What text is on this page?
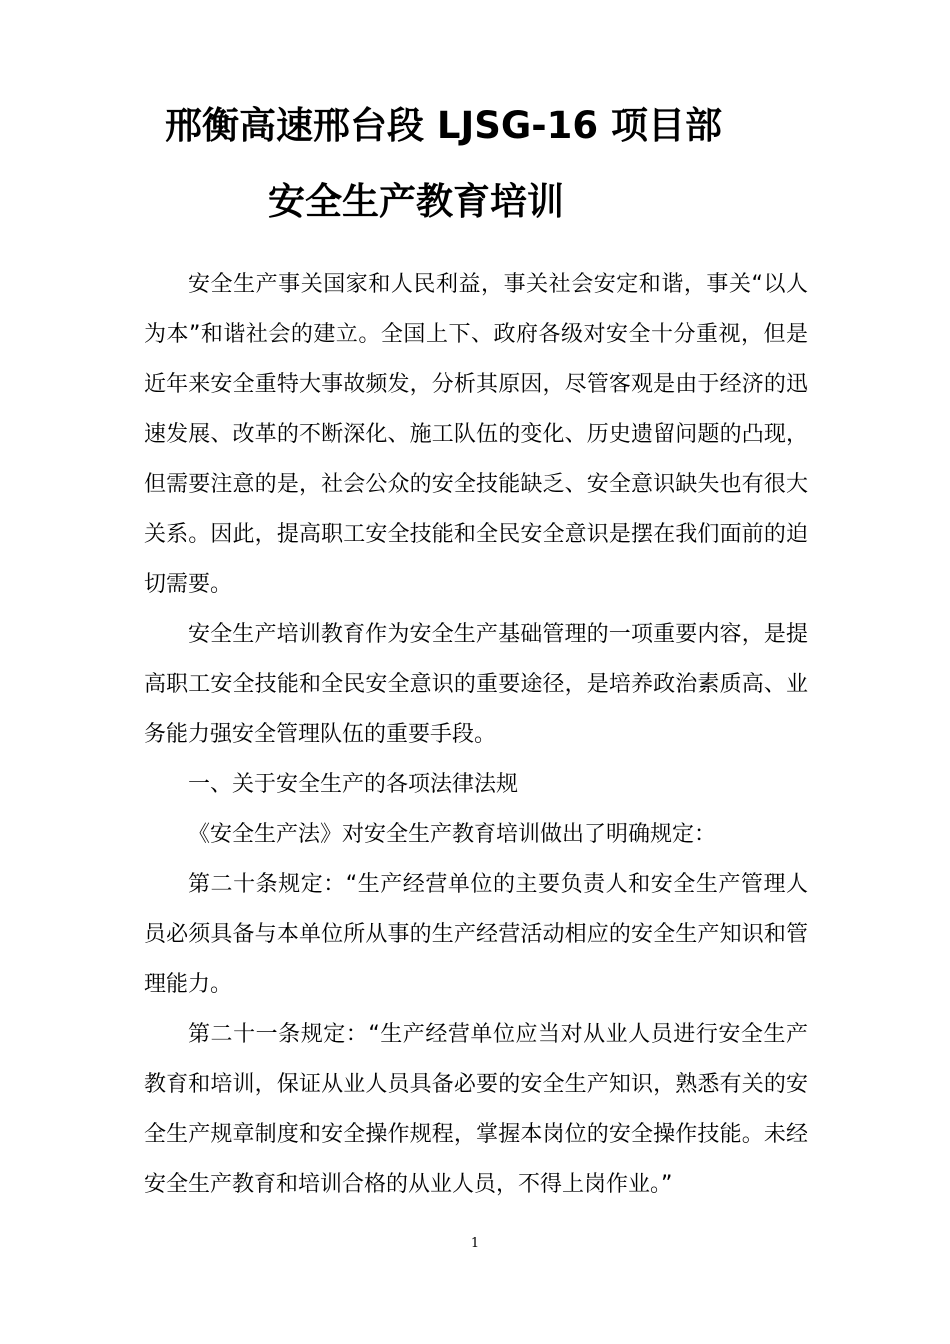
邢衡高速邢台段 LJSG-16 项目部
安全生产教育培训

安全生产事关国家和人民利益，事关社会安定和谐，事关“以人为本”和谐社会的建立。全国上下、政府各级对安全十分重视，但是近年来安全重特大事故频发，分析其原因，尽管客观是由于经济的迅速发展、改革的不断深化、施工队伍的变化、历史遗留问题的凸现，但需要注意的是，社会公众的安全技能缺乏、安全意识缺失也有很大关系。因此，提高职工安全技能和全民安全意识是摆在我们面前的迫切需要。

安全生产培训教育作为安全生产基础管理的一项重要内容，是提高职工安全技能和全民安全意识的重要途径，是培养政治素质高、业务能力强安全管理队伍的重要手段。

一、关于安全生产的各项法律法规

《安全生产法》对安全生产教育培训做出了明确规定：

第二十条规定：“生产经营单位的主要负责人和安全生产管理人员必须具备与本单位所从事的生产经营活动相应的安全生产知识和管理能力。

第二十一条规定：“生产经营单位应当对从业人员进行安全生产教育和培训，保证从业人员具备必要的安全生产知识，熟悉有关的安全生产规章制度和安全操作规程，掌握本岗位的安全操作技能。未经安全生产教育和培训合格的从业人员，不得上岗作业。”

1
